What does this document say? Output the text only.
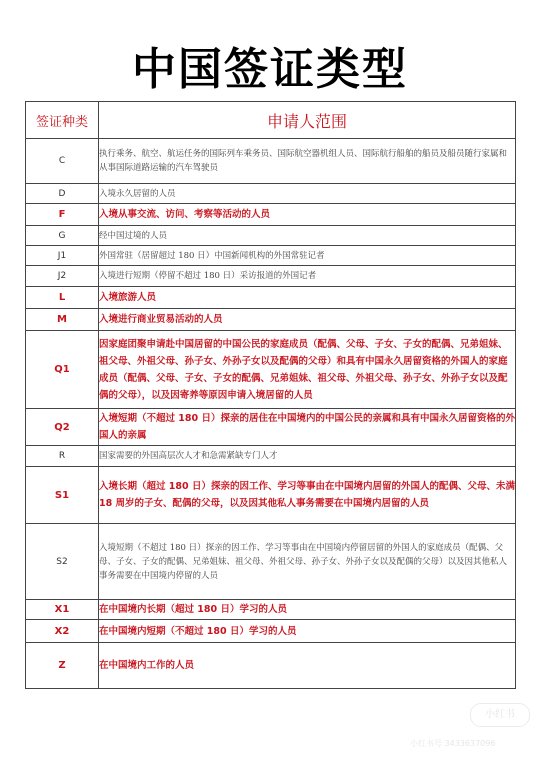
中国签证类型
签证种类	申请人范围
C	执行乘务、航空、航运任务的国际列车乘务员、国际航空器机组人员、国际航行船舶的船员及船员随行家属和从事国际道路运输的汽车驾驶员
D	入境永久居留的人员
F	入境从事交流、访问、考察等活动的人员
G	经中国过境的人员
J1	外国常驻（居留超过 180 日）中国新闻机构的外国常驻记者
J2	入境进行短期（停留不超过 180 日）采访报道的外国记者
L	入境旅游人员
M	入境进行商业贸易活动的人员
Q1	因家庭团聚申请赴中国居留的中国公民的家庭成员（配偶、父母、子女、子女的配偶、兄弟姐妹、祖父母、外祖父母、孙子女、外孙子女以及配偶的父母）和具有中国永久居留资格的外国人的家庭成员（配偶、父母、子女、子女的配偶、兄弟姐妹、祖父母、外祖父母、孙子女、外孙子女以及配偶的父母），以及因寄养等原因申请入境居留的人员
Q2	入境短期（不超过 180 日）探亲的居住在中国境内的中国公民的亲属和具有中国永久居留资格的外国人的亲属
R	国家需要的外国高层次人才和急需紧缺专门人才
S1	入境长期（超过 180 日）探亲的因工作、学习等事由在中国境内居留的外国人的配偶、父母、未满 18 周岁的子女、配偶的父母，以及因其他私人事务需要在中国境内居留的人员
S2	入境短期（不超过 180 日）探亲的因工作、学习等事由在中国境内停留居留的外国人的家庭成员（配偶、父母、子女、子女的配偶、兄弟姐妹、祖父母、外祖父母、孙子女、外孙子女以及配偶的父母）以及因其他私人事务需要在中国境内停留的人员
X1	在中国境内长期（超过 180 日）学习的人员
X2	在中国境内短期（不超过 180 日）学习的人员
Z	在中国境内工作的人员
小红书
小红书号 3433637096
